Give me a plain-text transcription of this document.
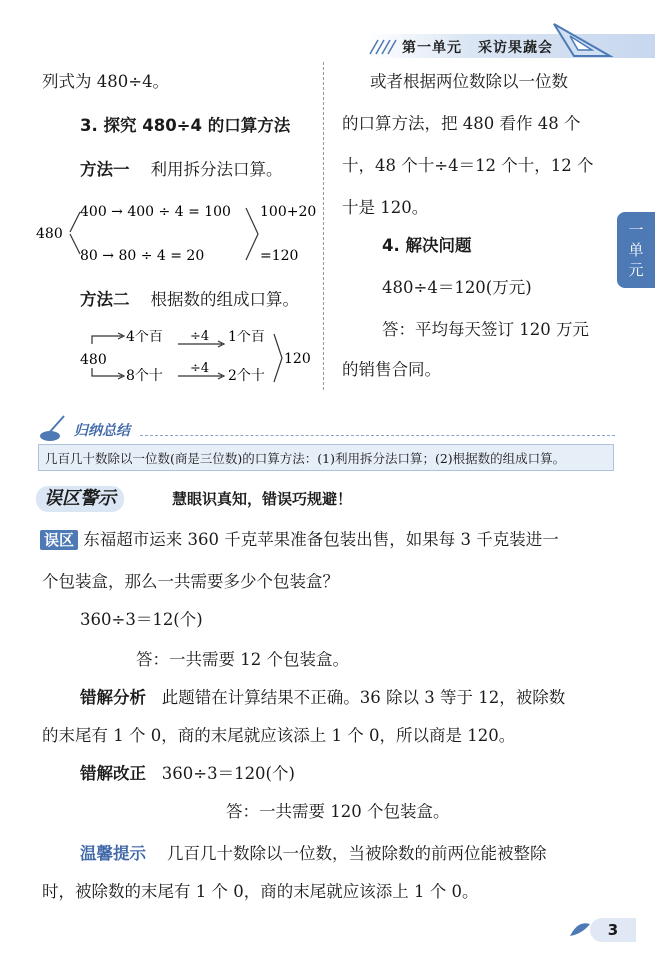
第一单元 采访果蔬会
一
单
元
列式为 480÷4。
3. 探究 480÷4 的口算方法
方法一 利用拆分法口算。
480
400 → 400 ÷ 4 = 100
80 → 80 ÷ 4 = 20
100+20
=120
方法二 根据数的组成口算。
480
4个百 ÷4 1个百
8个十 ÷4 2个十
120
或者根据两位数除以一位数
的口算方法，把 480 看作 48 个
十，48 个十÷4＝12 个十，12 个
十是 120。
4. 解决问题
480÷4＝120(万元)
答：平均每天签订 120 万元
的销售合同。
归纳总结
几百几十数除以一位数(商是三位数)的口算方法：(1)利用拆分法口算；(2)根据数的组成口算。
误区警示	慧眼识真知，错误巧规避！
误区 东福超市运来 360 千克苹果准备包装出售，如果每 3 千克装进一
个包装盒，那么一共需要多少个包装盒？
360÷3＝12(个)
答：一共需要 12 个包装盒。
错解分析 此题错在计算结果不正确。36 除以 3 等于 12，被除数
的末尾有 1 个 0，商的末尾就应该添上 1 个 0，所以商是 120。
错解改正 360÷3＝120(个)
答：一共需要 120 个包装盒。
温馨提示 几百几十数除以一位数，当被除数的前两位能被整除
时，被除数的末尾有 1 个 0，商的末尾就应该添上 1 个 0。
3
